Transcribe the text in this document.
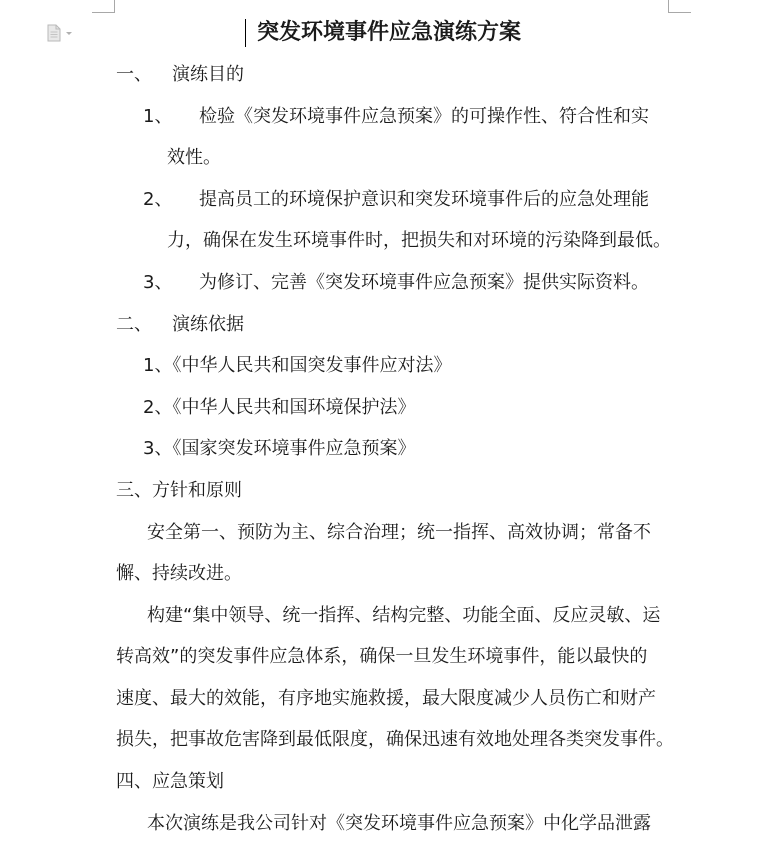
突发环境事件应急演练方案
一、 演练目的
1、 检验《突发环境事件应急预案》的可操作性、符合性和实
效性。
2、 提高员工的环境保护意识和突发环境事件后的应急处理能
力，确保在发生环境事件时，把损失和对环境的污染降到最低。
3、 为修订、完善《突发环境事件应急预案》提供实际资料。
二、 演练依据
1、《中华人民共和国突发事件应对法》
2、《中华人民共和国环境保护法》
3、《国家突发环境事件应急预案》
三、方针和原则
安全第一、预防为主、综合治理；统一指挥、高效协调；常备不
懈、持续改进。
构建“集中领导、统一指挥、结构完整、功能全面、反应灵敏、运
转高效”的突发事件应急体系，确保一旦发生环境事件，能以最快的
速度、最大的效能，有序地实施救援，最大限度减少人员伤亡和财产
损失，把事故危害降到最低限度，确保迅速有效地处理各类突发事件。
四、应急策划
本次演练是我公司针对《突发环境事件应急预案》中化学品泄露
